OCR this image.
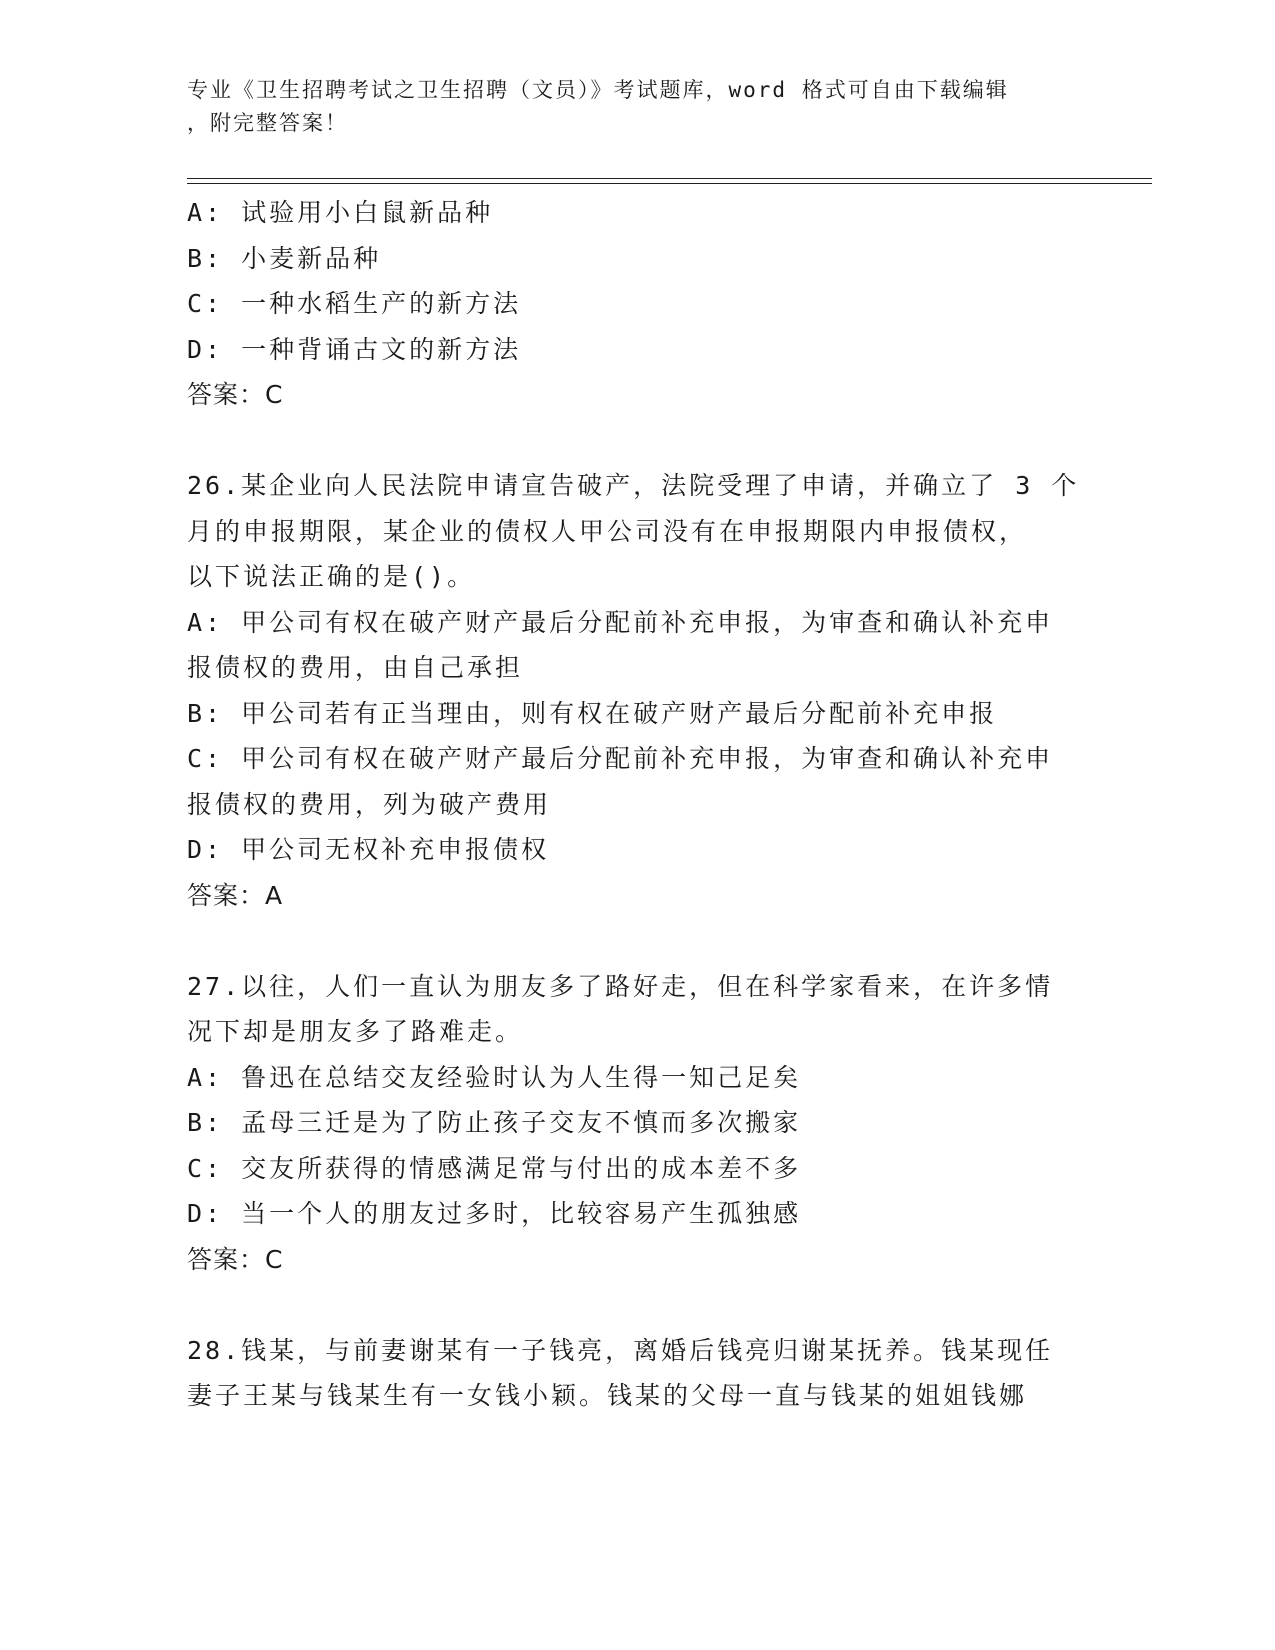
专业《卫生招聘考试之卫生招聘（文员）》考试题库，word 格式可自由下载编辑
，附完整答案！
A: 试验用小白鼠新品种
B: 小麦新品种
C: 一种水稻生产的新方法
D: 一种背诵古文的新方法
答案：C
26.某企业向人民法院申请宣告破产，法院受理了申请，并确立了 3 个
月的申报期限，某企业的债权人甲公司没有在申报期限内申报债权，
以下说法正确的是()。
A: 甲公司有权在破产财产最后分配前补充申报，为审查和确认补充申
报债权的费用，由自己承担
B: 甲公司若有正当理由，则有权在破产财产最后分配前补充申报
C: 甲公司有权在破产财产最后分配前补充申报，为审查和确认补充申
报债权的费用，列为破产费用
D: 甲公司无权补充申报债权
答案：A
27.以往，人们一直认为朋友多了路好走，但在科学家看来，在许多情
况下却是朋友多了路难走。
A: 鲁迅在总结交友经验时认为人生得一知己足矣
B: 孟母三迁是为了防止孩子交友不慎而多次搬家
C: 交友所获得的情感满足常与付出的成本差不多
D: 当一个人的朋友过多时，比较容易产生孤独感
答案：C
28.钱某，与前妻谢某有一子钱亮，离婚后钱亮归谢某抚养。钱某现任
妻子王某与钱某生有一女钱小颖。钱某的父母一直与钱某的姐姐钱娜
